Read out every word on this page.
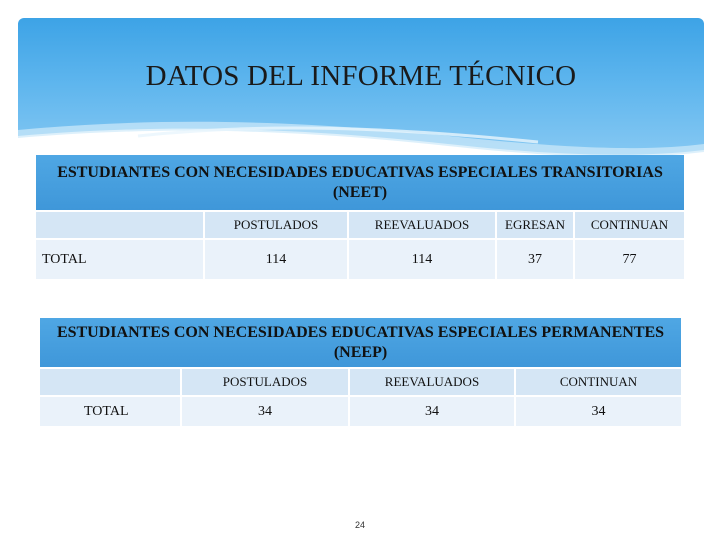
DATOS DEL INFORME TÉCNICO
ESTUDIANTES CON NECESIDADES EDUCATIVAS ESPECIALES TRANSITORIAS (NEET)				
	POSTULADOS	REEVALUADOS	EGRESAN	CONTINUAN
TOTAL	114	114	37	77
ESTUDIANTES CON NECESIDADES EDUCATIVAS ESPECIALES PERMANENTES (NEEP)			
	POSTULADOS	REEVALUADOS	CONTINUAN
TOTAL	34	34	34
24
